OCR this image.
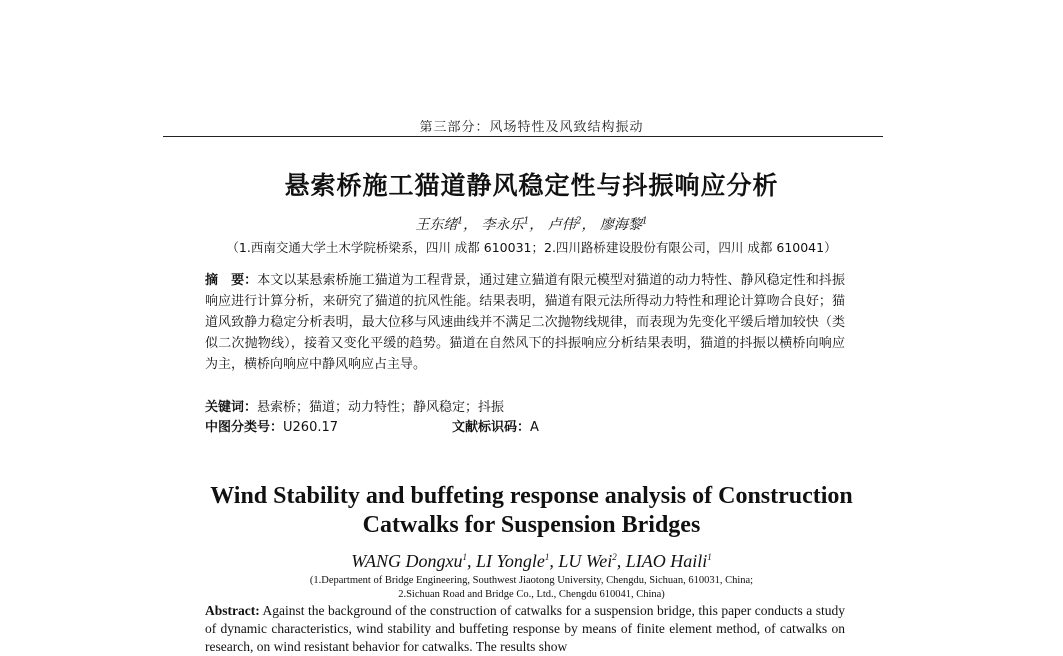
第三部分：风场特性及风致结构振动
悬索桥施工猫道静风稳定性与抖振响应分析
王东绪$^1$， 李永乐$^1$， 卢伟$^2$， 廖海黎$^1$
（1.西南交通大学土木学院桥梁系，四川 成都 610031；2.四川路桥建设股份有限公司，四川 成都 610041）
摘　要：本文以某悬索桥施工猫道为工程背景，通过建立猫道有限元模型对猫道的动力特性、静风稳定性和抖振响应进行计算分析，来研究了猫道的抗风性能。结果表明，猫道有限元法所得动力特性和理论计算吻合良好；猫道风致静力稳定分析表明，最大位移与风速曲线并不满足二次抛物线规律，而表现为先变化平缓后增加较快（类似二次抛物线），接着又变化平缓的趋势。猫道在自然风下的抖振响应分析结果表明，猫道的抖振以横桥向响应为主，横桥向响应中静风响应占主导。
关键词：悬索桥；猫道；动力特性；静风稳定；抖振
中图分类号：U260.17	文献标识码：A
Wind Stability and buffeting response analysis of Construction
Catwalks for Suspension Bridges
WANG Dongxu$^1$, LI Yongle$^1$, LU Wei$^2$, LIAO Haili$^1$
(1.Department of Bridge Engineering, Southwest Jiaotong University, Chengdu, Sichuan, 610031, China;
2.Sichuan Road and Bridge Co., Ltd., Chengdu 610041, China)
Abstract: Against the background of the construction of catwalks for a suspension bridge, this paper conducts a study of dynamic characteristics, wind stability and buffeting response by means of finite element method, of catwalks on research, on wind resistant behavior for catwalks. The results show
